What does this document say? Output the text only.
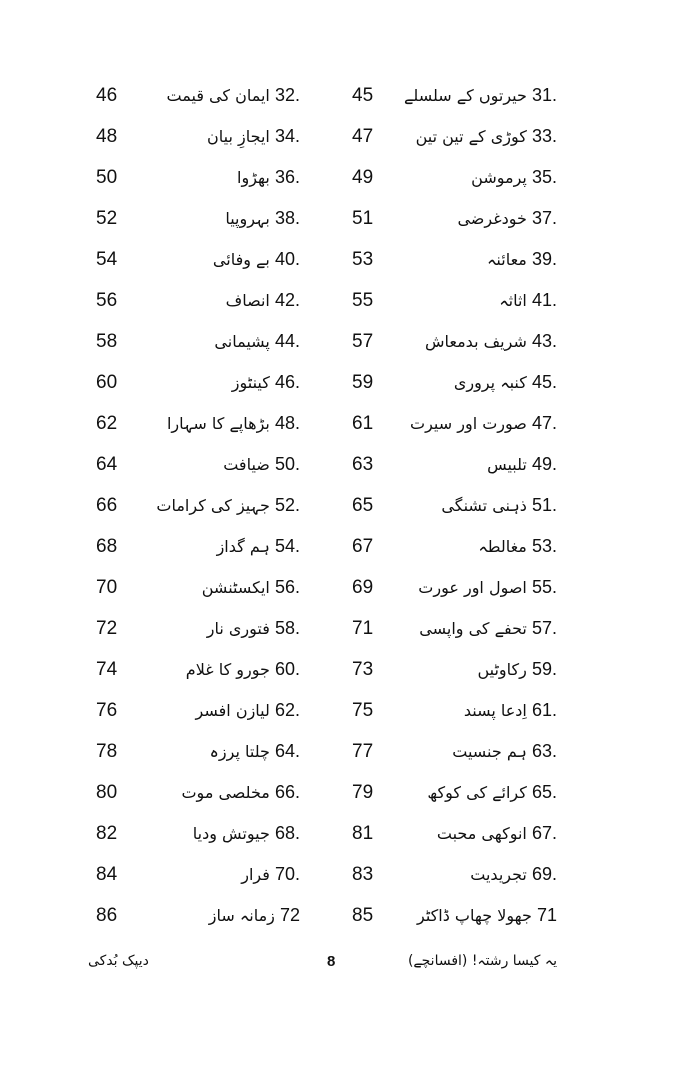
46	32. ایمان کی قیمت	45	31. حیرتوں کے سلسلے
48	34. ایجازِ بیان	47	33. کوڑی کے تین تین
50	36. بھڑوا	49	35. پرموشن
52	38. بہروپیا	51	37. خودغرضی
54	40. بے وفائی	53	39. معائنہ
56	42. انصاف	55	41. اثاثہ
58	44. پشیمانی	57	43. شریف بدمعاش
60	46. کینٹوز	59	45. کنبہ پروری
62	48. بڑھاپے کا سہارا	61	47. صورت اور سیرت
64	50. ضیافت	63	49. تلبیس
66	52. جہیز کی کرامات	65	51. ذہنی تشنگی
68	54. ہم گداز	67	53. مغالطہ
70	56. ایکسٹنشن	69	55. اصول اور عورت
72	58. فتوری نار	71	57. تحفے کی واپسی
74	60. جورو کا غلام	73	59. رکاوٹیں
76	62. لیازن افسر	75	61. اِدعا پسند
78	64. چلتا پرزہ	77	63. ہم جنسیت
80	66. مخلصی موت	79	65. کرائے کی کوکھ
82	68. جیوتش ودیا	81	67. انوکھی محبت
84	70. فرار	83	69. تجریدیت
86	72 زمانہ ساز	85	71 جھولا چھاپ ڈاکٹر
دیپک بُدکی	8	یہ کیسا رشتہ! (افسانچے)
